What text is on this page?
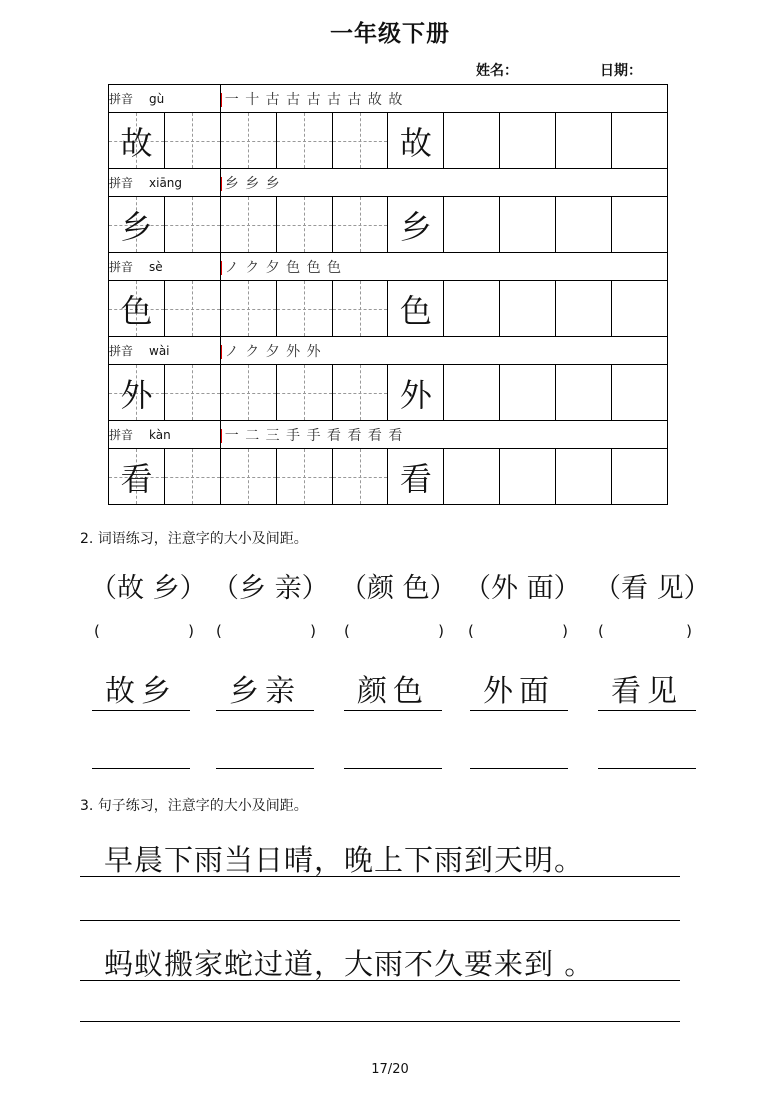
一年级下册
姓名：	日期：
拼音 gù		一 十 古 古 古 古 古 故 故							

故					故				

拼音 xiāng		乡 乡 乡							

乡					乡				

拼音 sè		ノ ク 夕 色 色 色							

色					色				

拼音 wài		ノ ク 夕 外 外							

外					外				

拼音 kàn		一 二 三 手 手 看 看 看 看							

看					看				

2. 词语练习，注意字的大小及间距。
（故 乡） （乡 亲） （颜 色） （外 面） （看 见）
(	) (	) (	) (	) (	)
故乡	乡亲	颜色	外面	看见
3. 句子练习，注意字的大小及间距。
早晨下雨当日晴，晚上下雨到天明。
蚂蚁搬家蛇过道，大雨不久要来到 。
17/20
